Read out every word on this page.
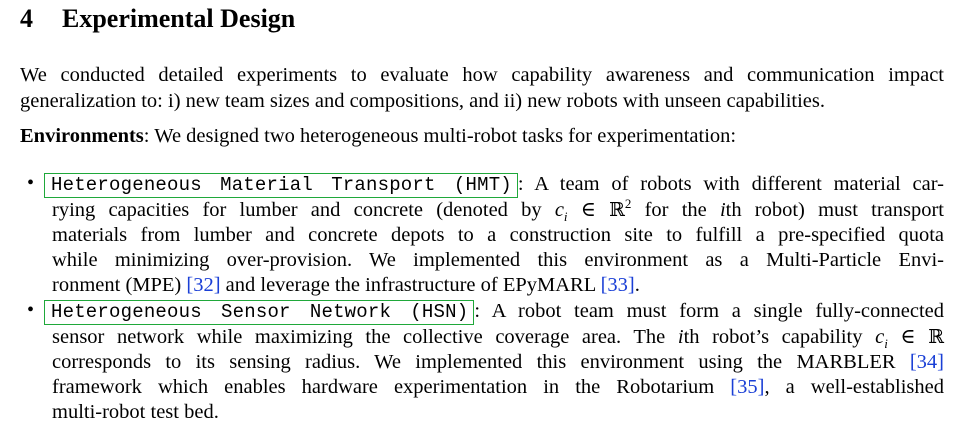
4 Experimental Design
We conducted detailed experiments to evaluate how capability awareness and communication impact
generalization to: i) new team sizes and compositions, and ii) new robots with unseen capabilities.
Environments: We designed two heterogeneous multi-robot tasks for experimentation:
• Heterogeneous Material Transport (HMT) : A team of robots with different material car-
rying capacities for lumber and concrete (denoted by $c_i$ ∈ ℝ$^2$ for the ith robot) must transport
materials from lumber and concrete depots to a construction site to fulfill a pre-specified quota
while minimizing over-provision. We implemented this environment as a Multi-Particle Envi-
ronment (MPE) [32] and leverage the infrastructure of EPyMARL [33].
• Heterogeneous Sensor Network (HSN) : A robot team must form a single fully-connected
sensor network while maximizing the collective coverage area. The ith robot’s capability $c_i$ ∈ ℝ
corresponds to its sensing radius. We implemented this environment using the MARBLER [34]
framework which enables hardware experimentation in the Robotarium [35], a well-established
multi-robot test bed.
